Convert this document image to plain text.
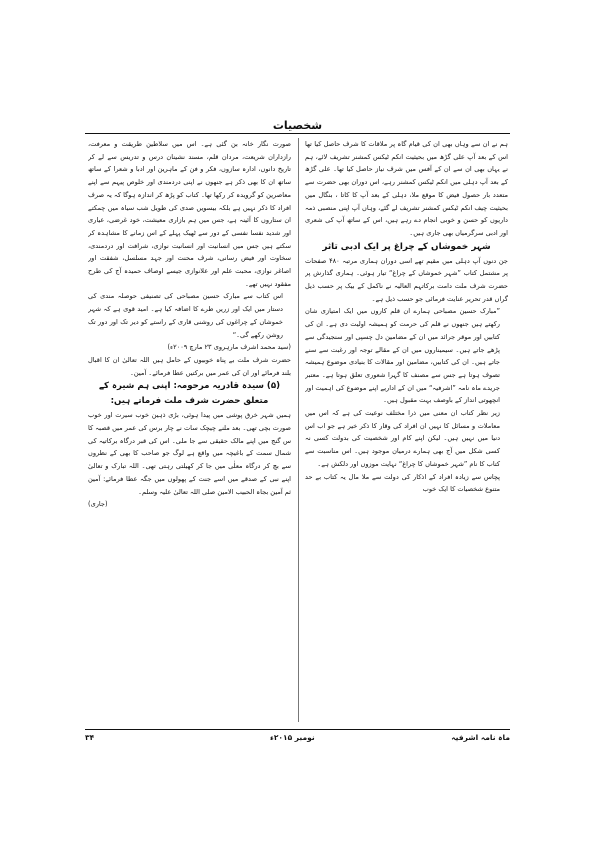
شخصیات

ہم نے ان سے وہاں بھی ان کی قیام گاہ پر ملاقات کا شرف حاصل کیا تھا اس کے بعد آپ علی گڑھ میں بحیثیت انکم ٹیکس کمشنر تشریف لائے، ہم نے یہاں بھی ان سے ان کے آفس میں شرف نیاز حاصل کیا تھا۔ علی گڑھ کے بعد آپ دہلی میں انکم ٹیکس کمشنر رہے، اس دوران بھی حضرت سے متعدد بار حصول فیض کا موقع ملا، دہلی کے بعد آپ کا کاتا ، بنگال میں بحیثیت چیف انکم ٹیکس کمشنر تشریف لے گئے، وہاں آپ اپنی منصبی ذمہ داریوں کو حسن و خوبی انجام دے رہے ہیں، اس کے ساتھ آپ کی شعری اور ادبی سرگرمیاں بھی جاری ہیں۔

شہر خموشاں کے چراغ پر ایک ادبی تاثر

جن دنوں آپ دہلی میں مقیم تھے اسی دوران ہماری مرتبہ ۴۸۰ صفحات پر مشتمل کتاب ”شہر خموشاں کے چراغ“ تیار ہوئی۔ ہماری گذارش پر حضرت شرف ملت دامت برکاتہم العالیہ نے ناکمل کے بیک پر حسب ذیل گراں قدر تحریر عنایت فرمائی جو حسب ذیل ہے۔

”مبارک حسین مصباحی ہمارے ان قلم کاروں میں ایک امتیازی شان رکھتے ہیں جنھوں نے قلم کی حرمت کو ہمیشہ اولیت دی ہے۔ ان کی کتابیں اور موقر جرائد میں ان کے مضامین دل چسپی اور سنجیدگی سے پڑھے جاتے ہیں۔ سیمیناروں میں ان کے مقالے توجہ اور رغبت سے سنے جاتے ہیں۔ ان کی کتابیں، مضامین اور مقالات کا بنیادی موضوع ہمیشہ تصوف ہوتا ہے جس سے مصنف کا گہرا شعوری تعلق ہوتا ہے۔ معتبر جریدے ماہ نامہ ”اشرفیہ“ میں ان کے اداریے اپنے موضوع کی اہمیت اور انچھوتی انداز کے باوصف بہت مقبول ہیں۔

زیر نظر کتاب ان معنی میں ذرا مختلف نوعیت کی ہے کہ اس میں معاملات و مسائل کا نہیں ان افراد کی وقار کا ذکر خیر ہے جو اب اس دنیا میں نہیں ہیں۔ لیکن اپنے کام اور شخصیت کی بدولت کسی نہ کسی شکل میں آج بھی ہمارے درمیان موجود ہیں۔ اس مناسبت سے کتاب کا نام ”شہر خموشاں کا چراغ“ نہایت موزوں اور دلکش ہے۔

پچاس سے زیادہ افراد کے اذکار کی دولت سے ملا مال یہ کتاب بے حد متنوع شخصیات کا ایک خوب

صورت نگار خانہ بن گئی ہے۔ اس میں سلاطین طریقت و معرفت، رازداران شریعت، مردان قلم، مسند نشینان درس و تدریس سے لے کر تاریخ دانوں، ادارہ سازوں، فکر و فن کے ماہرین اور ادبا و شعرا کے ساتھ ساتھ ان کا بھی ذکر ہے جنھوں نے اپنی دردمندی اور خلوص پیہم سے اپنے معاصرین کو گرویدہ کر رکھا تھا۔ کتاب کو پڑھ کر اندازہ ہوگا کہ یہ صرف افراد کا ذکر نہیں ہے بلکہ بیسویں صدی کی طویل شب سیاہ میں چمکتے ان ستاروں کا آئینہ ہے، جس میں ہم بازاری معیشت، خود غرضی، عیاری اور شدید نفسا نفسی کے دور سے ٹھیک پہلے کے اس زمانے کا مشاہدہ کر سکتے ہیں جس میں انسانیت اور انسانیت نوازی، شرافت اور دردمندی، سخاوت اور فیض رسانی، شرف محنت اور جہد مسلسل، شفقت اور اصاغر نوازی، محبت علم اور علانوازی جیسے اوصاف حمیدہ آج کی طرح مفقود نہیں تھے۔

اس کتاب سے مبارک حسین مصباحی کی تصنیفی حوصلہ مندی کی دستار میں ایک اور زریں طرے کا اضافہ کیا ہے۔ امید قوی ہے کہ شہر خموشاں کے چراغوں کی روشنی قاری کے راستے کو دیر تک اور دور تک روشن رکھے گی۔“

(سید محمد اشرف مارہروی ۲۳ مارچ ۲۰۰۹ء)

حضرت شرف ملت بے پناہ خوبیوں کے حامل ہیں اللہ تعالیٰ ان کا اقبال بلند فرمائے اور ان کی عمر میں برکتیں عطا فرمائے۔ آمین۔

(۵) سیدہ قادریہ مرحومہ: اپنی ہم شیرہ کے متعلق حضرت شرف ملت فرماتے ہیں:

ہمیں شہر خرق پوشی میں پیدا ہوئی، بڑی ذہین خوب سیرت اور خوب صورت بچی تھی۔ بعد ملنے چیچک سات نے چار برس کی عمر میں قصبہ کا س گنج میں اپنے مالک حقیقی سے جا ملی۔ اس کی قبر درگاہ برکاتیہ کی شمال سمت کے باغیچہ میں واقع ہے لوگ جو صاحب کا بھی کے نظروں سے بچ کر درگاہ معلٰی میں جا کر کھیلتی رہتی تھی۔ اللہ تبارک و تعالیٰ اپنے نبی کے صدقے میں اسے جنت کے پھولوں میں جگہ عطا فرمائے: آمین ثم آمین بجاہ الحبیب الامین صلی اللہ تعالیٰ علیہ وسلم۔

(جاری)

ماہ نامہ اشرفیہ
نومبر ۲۰۱۵ء
۳۴
